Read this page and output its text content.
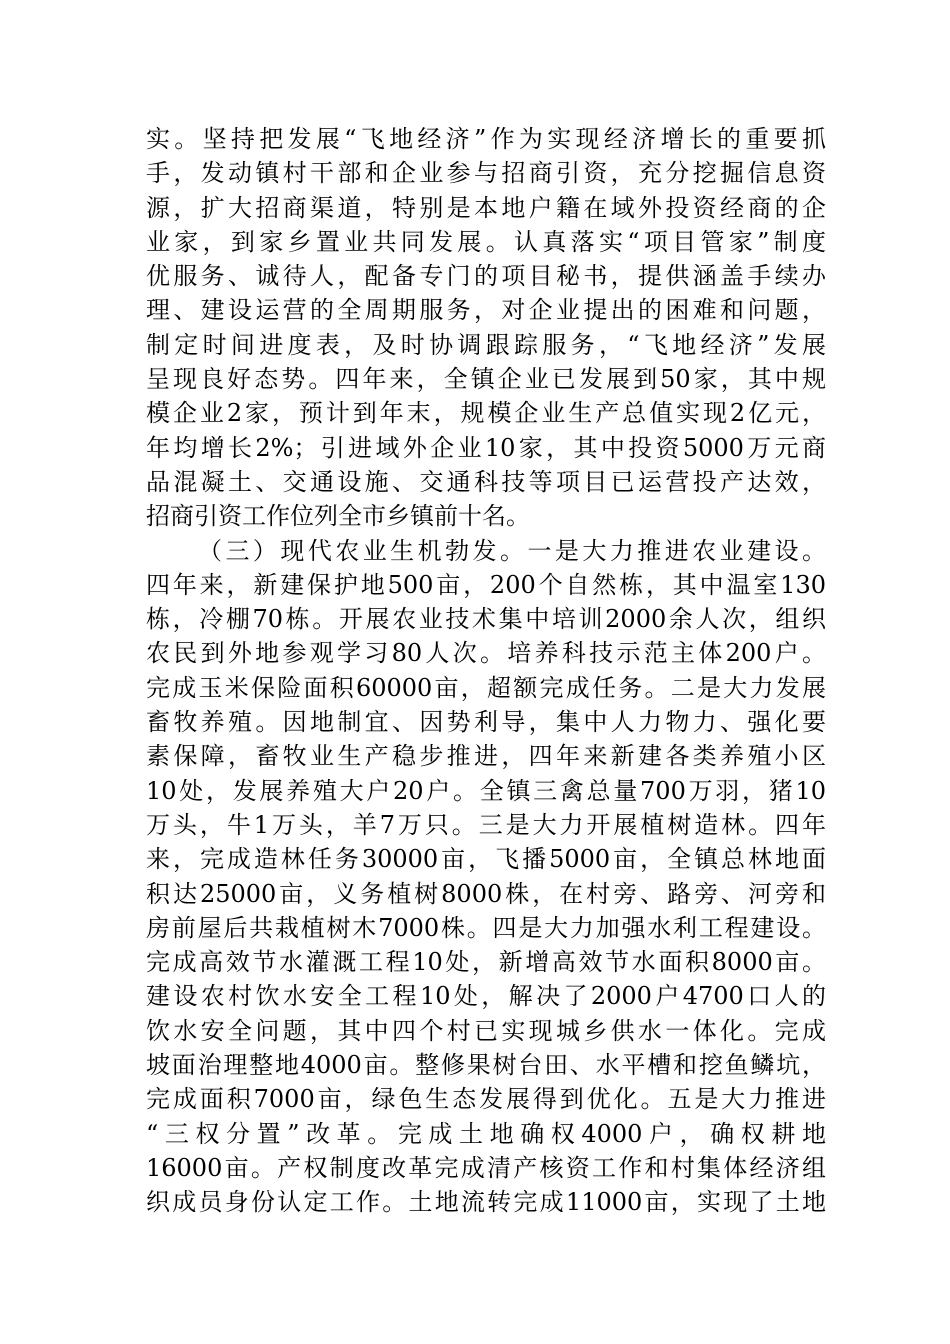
实。坚持把发展“飞地经济”作为实现经济增长的重要抓
手，发动镇村干部和企业参与招商引资，充分挖掘信息资
源，扩大招商渠道，特别是本地户籍在域外投资经商的企
业家，到家乡置业共同发展。认真落实“项目管家”制度
优服务、诚待人，配备专门的项目秘书，提供涵盖手续办
理、建设运营的全周期服务，对企业提出的困难和问题，
制定时间进度表，及时协调跟踪服务，“飞地经济”发展
呈现良好态势。四年来，全镇企业已发展到50家，其中规
模企业2家，预计到年末，规模企业生产总值实现2亿元，
年均增长2%；引进域外企业10家，其中投资5000万元商
品混凝土、交通设施、交通科技等项目已运营投产达效，
招商引资工作位列全市乡镇前十名。
（三）现代农业生机勃发。一是大力推进农业建设。
四年来，新建保护地500亩，200个自然栋，其中温室130
栋，冷棚70栋。开展农业技术集中培训2000余人次，组织
农民到外地参观学习80人次。培养科技示范主体200户。
完成玉米保险面积60000亩，超额完成任务。二是大力发展
畜牧养殖。因地制宜、因势利导，集中人力物力、强化要
素保障，畜牧业生产稳步推进，四年来新建各类养殖小区
10处，发展养殖大户20户。全镇三禽总量700万羽，猪10
万头，牛1万头，羊7万只。三是大力开展植树造林。四年
来，完成造林任务30000亩，飞播5000亩，全镇总林地面
积达25000亩，义务植树8000株，在村旁、路旁、河旁和
房前屋后共栽植树木7000株。四是大力加强水利工程建设。
完成高效节水灌溉工程10处，新增高效节水面积8000亩。
建设农村饮水安全工程10处，解决了2000户4700口人的
饮水安全问题，其中四个村已实现城乡供水一体化。完成
坡面治理整地4000亩。整修果树台田、水平槽和挖鱼鳞坑，
完成面积7000亩，绿色生态发展得到优化。五是大力推进
“三权分置”改革。完成土地确权4000户，确权耕地
16000亩。产权制度改革完成清产核资工作和村集体经济组
织成员身份认定工作。土地流转完成11000亩，实现了土地
